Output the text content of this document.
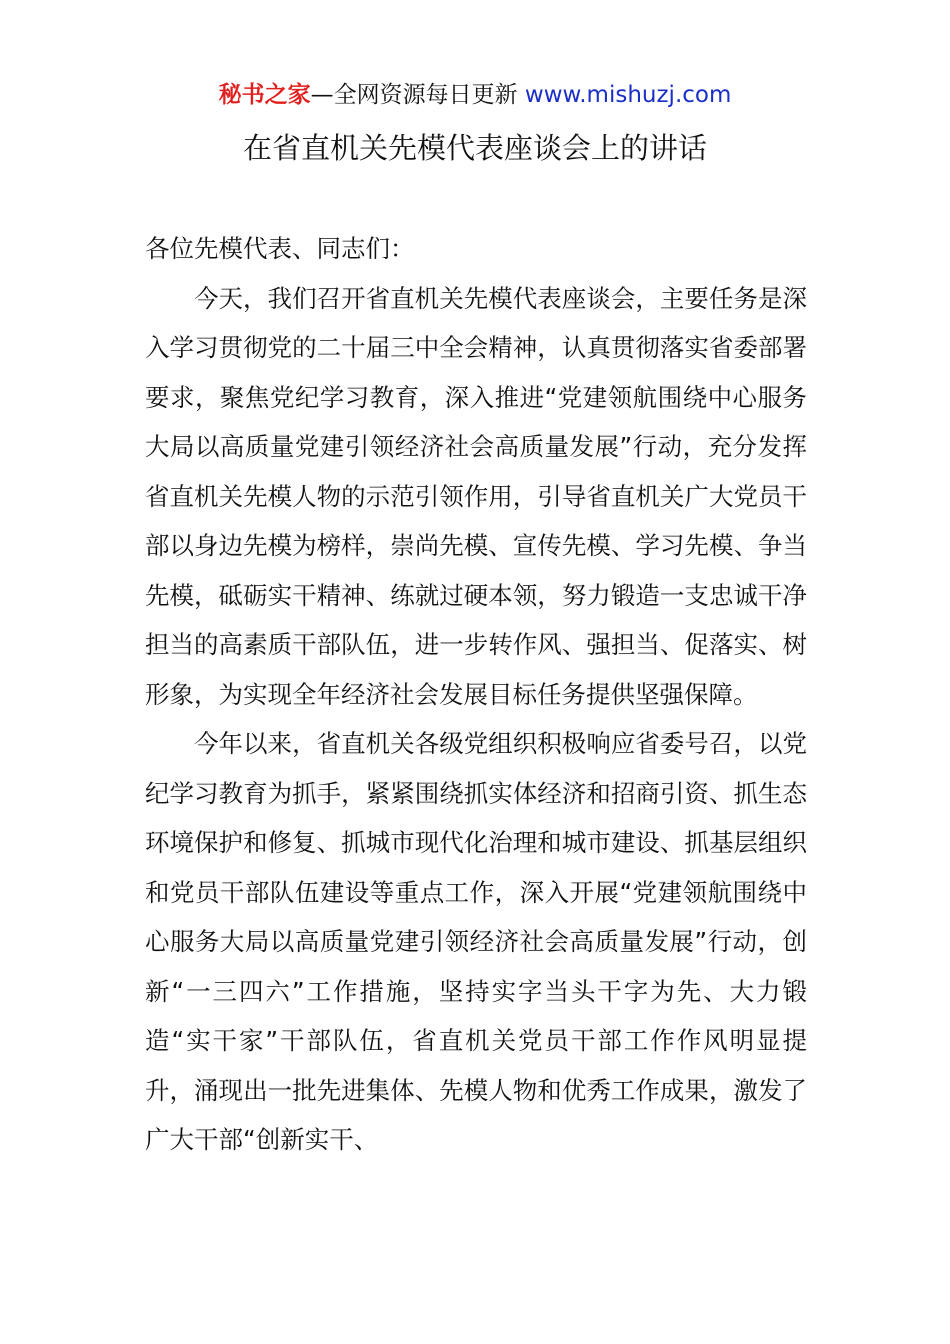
秘书之家—全网资源每日更新 www.mishuzj.com
在省直机关先模代表座谈会上的讲话

各位先模代表、同志们：

今天，我们召开省直机关先模代表座谈会，主要任务是深入学习贯彻党的二十届三中全会精神，认真贯彻落实省委部署要求，聚焦党纪学习教育，深入推进“党建领航围绕中心服务大局以高质量党建引领经济社会高质量发展”行动，充分发挥省直机关先模人物的示范引领作用，引导省直机关广大党员干部以身边先模为榜样，崇尚先模、宣传先模、学习先模、争当先模，砥砺实干精神、练就过硬本领，努力锻造一支忠诚干净担当的高素质干部队伍，进一步转作风、强担当、促落实、树形象，为实现全年经济社会发展目标任务提供坚强保障。

今年以来，省直机关各级党组织积极响应省委号召，以党纪学习教育为抓手，紧紧围绕抓实体经济和招商引资、抓生态环境保护和修复、抓城市现代化治理和城市建设、抓基层组织和党员干部队伍建设等重点工作，深入开展“党建领航围绕中心服务大局以高质量党建引领经济社会高质量发展”行动，创新“一三四六”工作措施，坚持实字当头干字为先、大力锻造“实干家”干部队伍，省直机关党员干部工作作风明显提升，涌现出一批先进集体、先模人物和优秀工作成果，激发了广大干部“创新实干、
